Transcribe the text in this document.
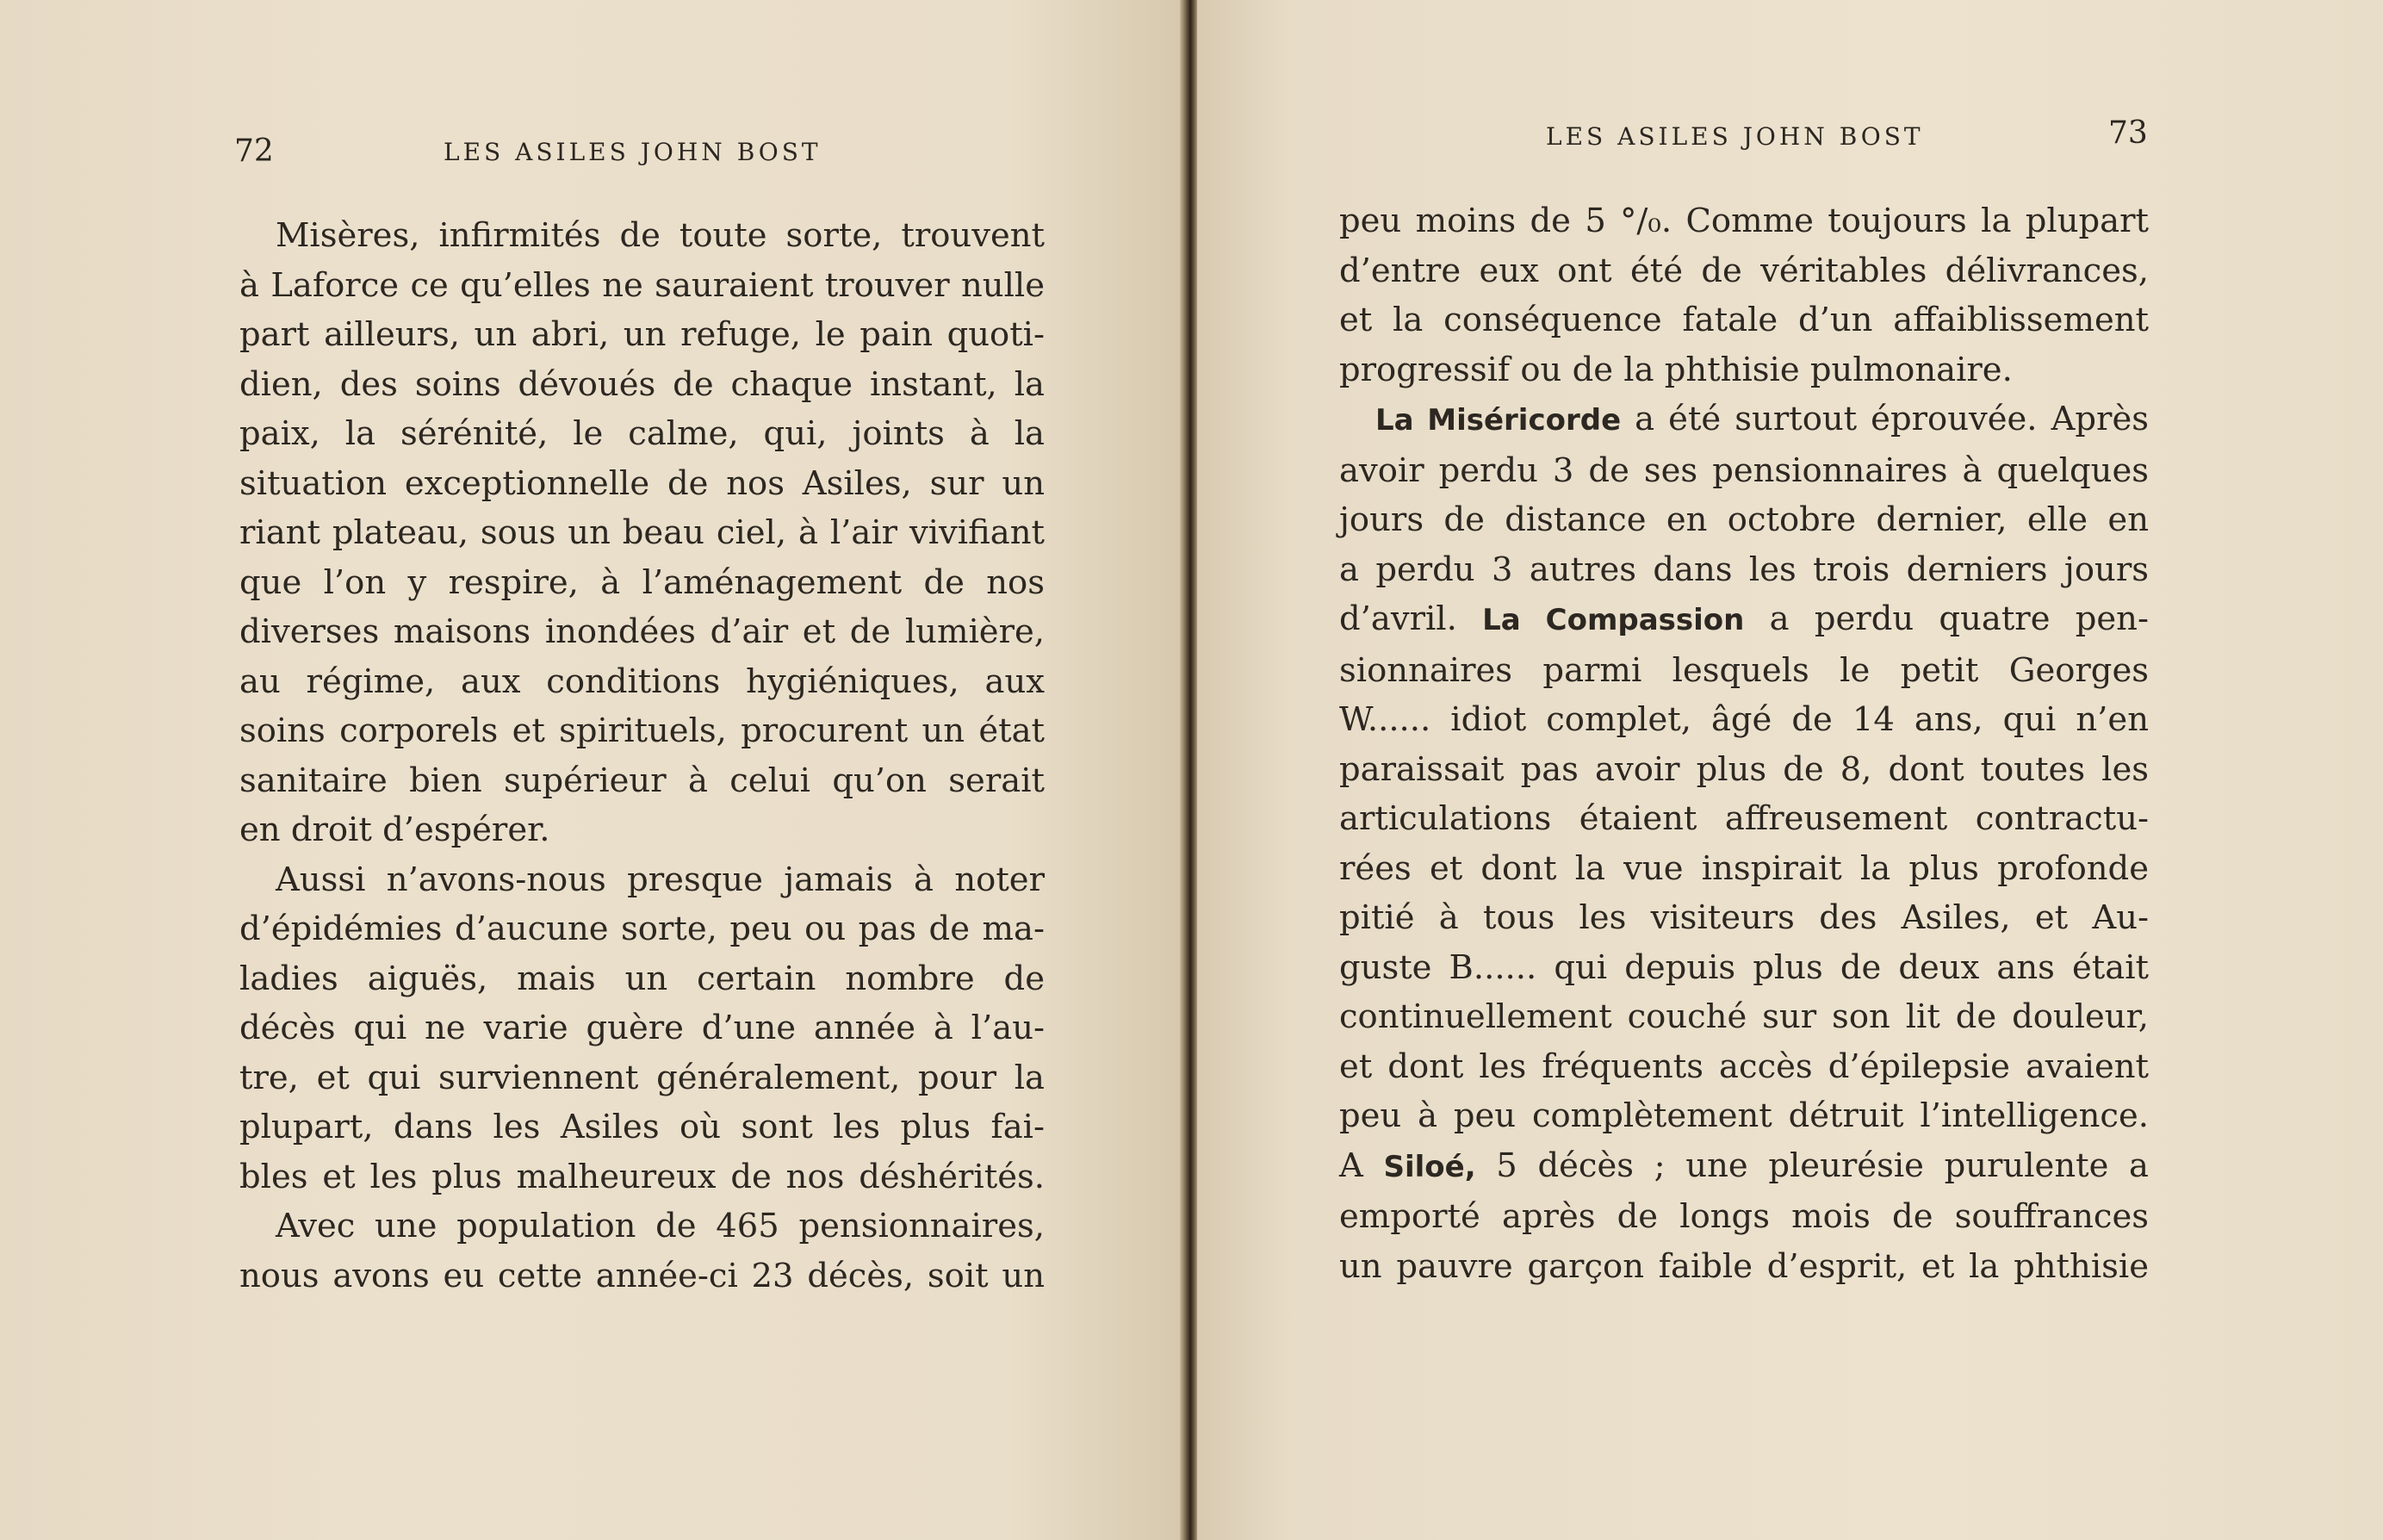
72	LES ASILES JOHN BOST
Misères, infirmités de toute sorte, trouvent
à Laforce ce qu’elles ne sauraient trouver nulle
part ailleurs, un abri, un refuge, le pain quoti-
dien, des soins dévoués de chaque instant, la
paix, la sérénité, le calme, qui, joints à la
situation exceptionnelle de nos Asiles, sur un
riant plateau, sous un beau ciel, à l’air vivifiant
que l’on y respire, à l’aménagement de nos
diverses maisons inondées d’air et de lumière,
au régime, aux conditions hygiéniques, aux
soins corporels et spirituels, procurent un état
sanitaire bien supérieur à celui qu’on serait
en droit d’espérer.
Aussi n’avons-nous presque jamais à noter
d’épidémies d’aucune sorte, peu ou pas de ma-
ladies aiguës, mais un certain nombre de
décès qui ne varie guère d’une année à l’au-
tre, et qui surviennent généralement, pour la
plupart, dans les Asiles où sont les plus fai-
bles et les plus malheureux de nos déshérités.
Avec une population de 465 pensionnaires,
nous avons eu cette année-ci 23 décès, soit un
LES ASILES JOHN BOST	73
peu moins de 5 °/₀. Comme toujours la plupart
d’entre eux ont été de véritables délivrances,
et la conséquence fatale d’un affaiblissement
progressif ou de la phthisie pulmonaire.
La Miséricorde a été surtout éprouvée. Après
avoir perdu 3 de ses pensionnaires à quelques
jours de distance en octobre dernier, elle en
a perdu 3 autres dans les trois derniers jours
d’avril. La Compassion a perdu quatre pen-
sionnaires parmi lesquels le petit Georges
W...... idiot complet, âgé de 14 ans, qui n’en
paraissait pas avoir plus de 8, dont toutes les
articulations étaient affreusement contractu-
rées et dont la vue inspirait la plus profonde
pitié à tous les visiteurs des Asiles, et Au-
guste B...... qui depuis plus de deux ans était
continuellement couché sur son lit de douleur,
et dont les fréquents accès d’épilepsie avaient
peu à peu complètement détruit l’intelligence.
A Siloé, 5 décès ; une pleurésie purulente a
emporté après de longs mois de souffrances
un pauvre garçon faible d’esprit, et la phthisie
